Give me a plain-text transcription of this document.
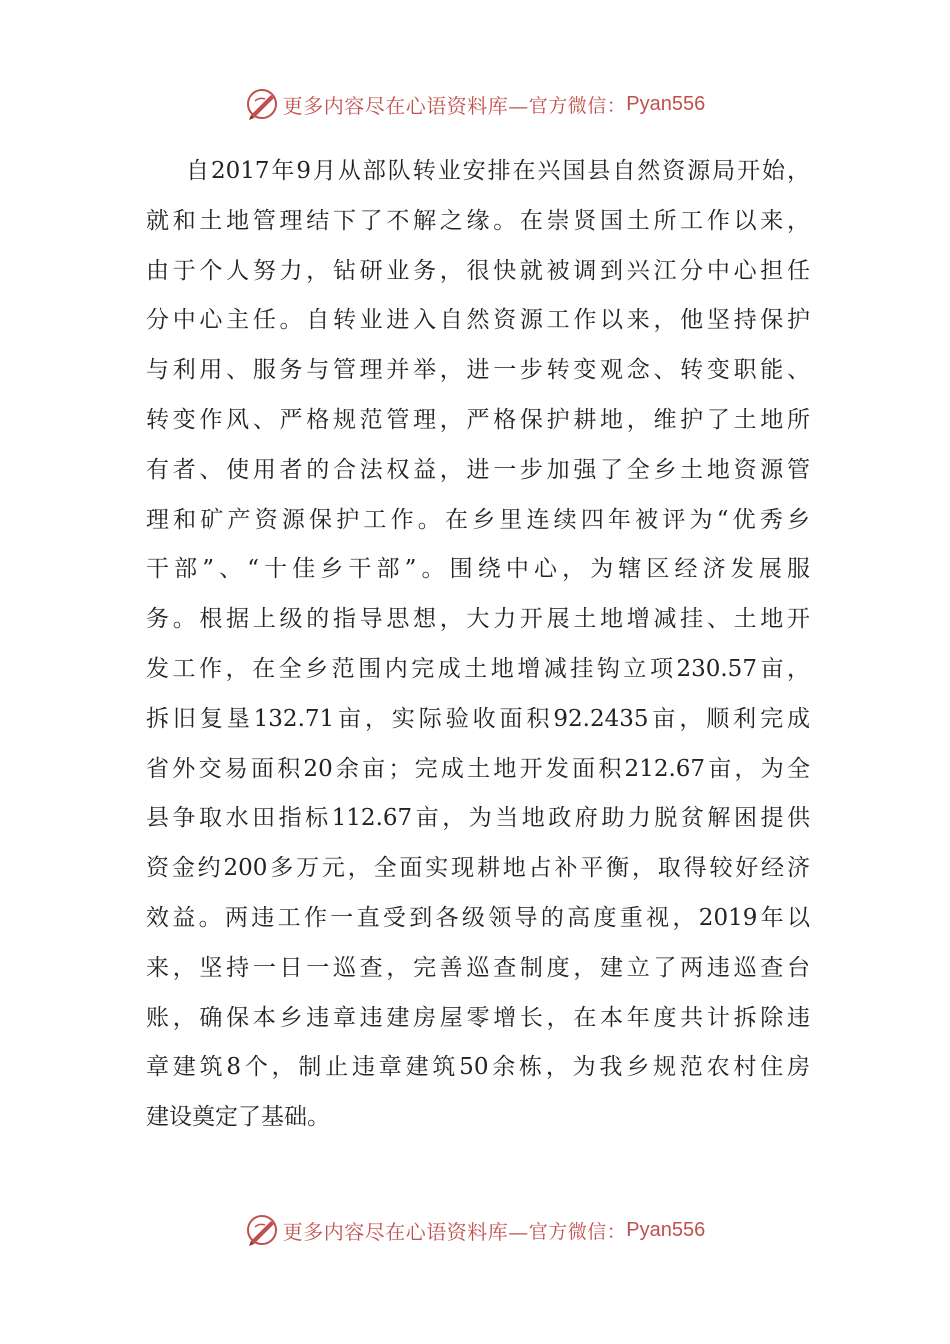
更多内容尽在心语资料库— 官方微信： Pyan556
自2017年9月从部队转业安排在兴国县自然资源局开始，
就和土地管理结下了不解之缘。在崇贤国土所工作以来，
由于个人努力，钻研业务，很快就被调到兴江分中心担任
分中心主任。自转业进入自然资源工作以来，他坚持保护
与利用、服务与管理并举，进一步转变观念、转变职能、
转变作风、严格规范管理，严格保护耕地，维护了土地所
有者、使用者的合法权益，进一步加强了全乡土地资源管
理和矿产资源保护工作。在乡里连续四年被评为“优秀乡
干部”、“十佳乡干部”。围绕中心，为辖区经济发展服
务。根据上级的指导思想，大力开展土地增减挂、土地开
发工作，在全乡范围内完成土地增减挂钩立项230.57亩，
拆旧复垦132.71亩，实际验收面积92.2435亩，顺利完成
省外交易面积20余亩；完成土地开发面积212.67亩，为全
县争取水田指标112.67亩，为当地政府助力脱贫解困提供
资金约200多万元，全面实现耕地占补平衡，取得较好经济
效益。两违工作一直受到各级领导的高度重视，2019年以
来，坚持一日一巡查，完善巡查制度，建立了两违巡查台
账，确保本乡违章违建房屋零增长，在本年度共计拆除违
章建筑8个，制止违章建筑50余栋，为我乡规范农村住房
建设奠定了基础。
更多内容尽在心语资料库— 官方微信： Pyan556
